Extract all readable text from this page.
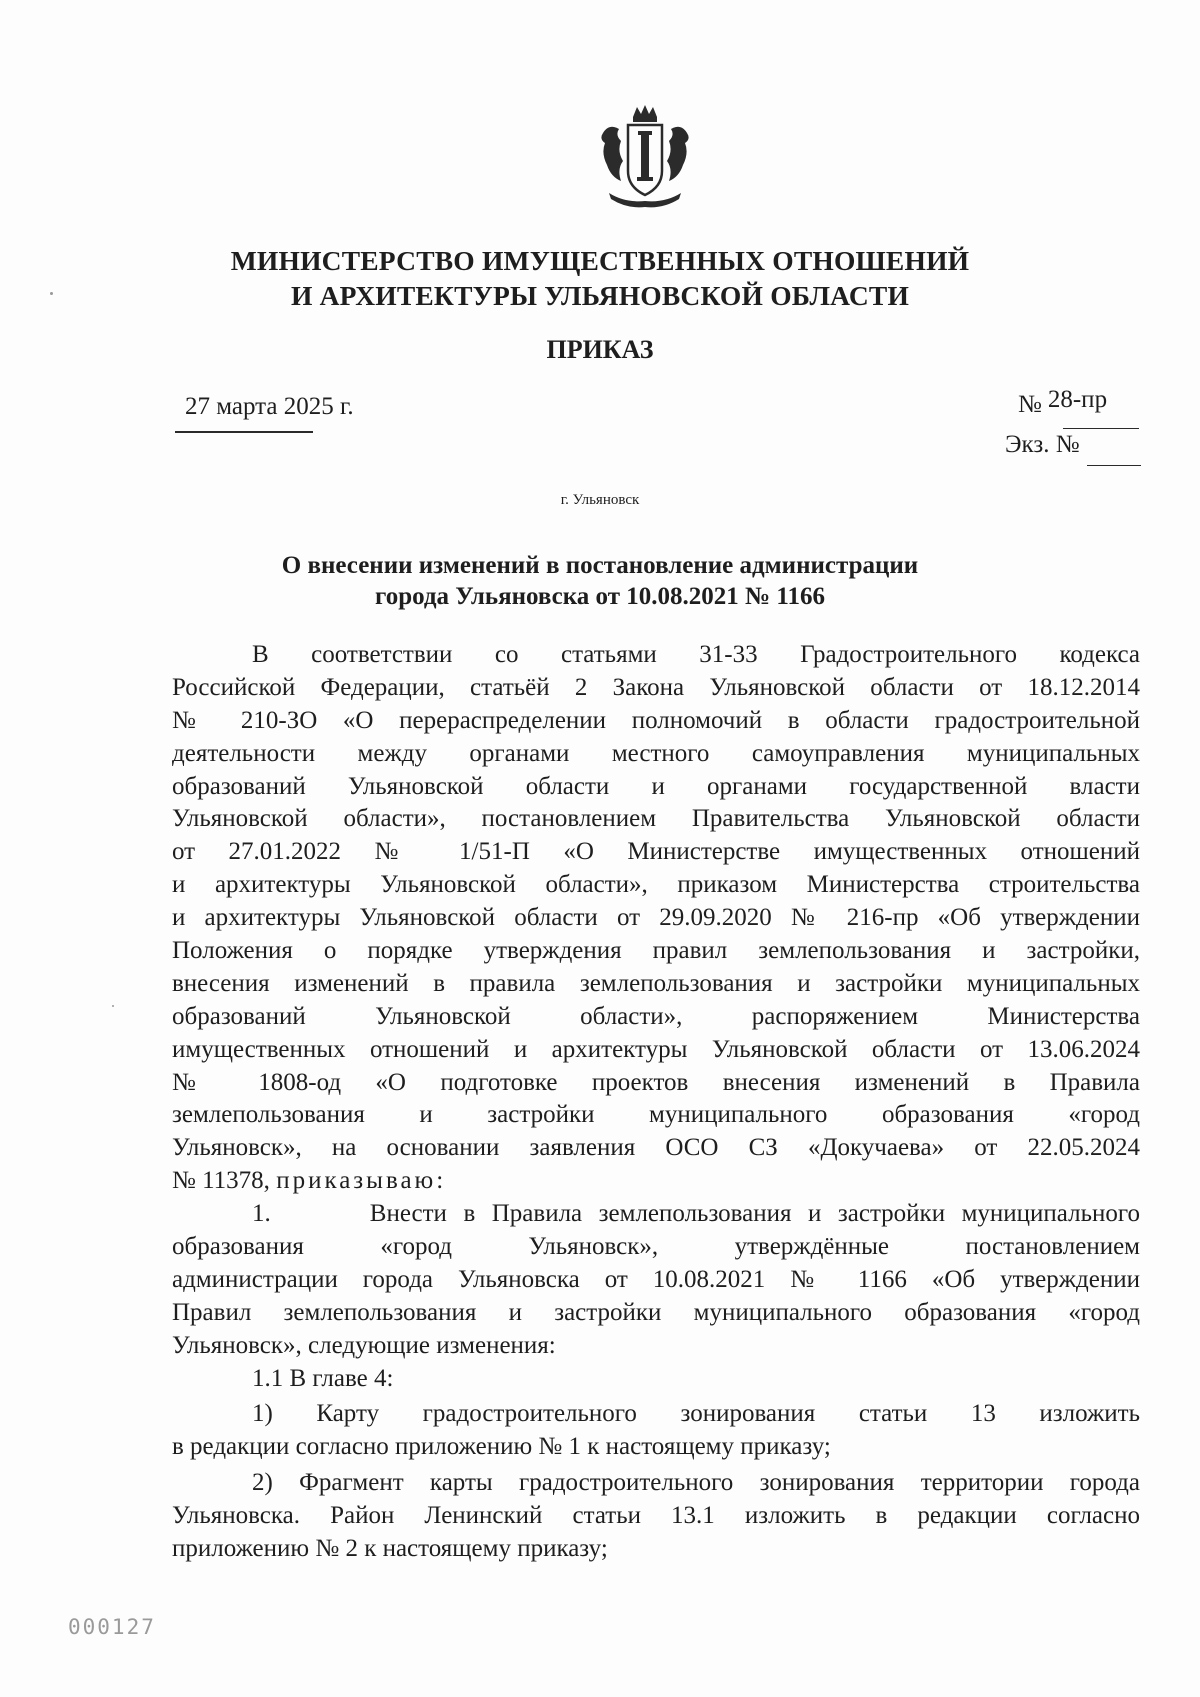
МИНИСТЕРСТВО ИМУЩЕСТВЕННЫХ ОТНОШЕНИЙ
И АРХИТЕКТУРЫ УЛЬЯНОВСКОЙ ОБЛАСТИ
ПРИКАЗ
27 марта 2025 г.	№ 28-пр
Экз. №
г. Ульяновск
О внесении изменений в постановление администрации
города Ульяновска от 10.08.2021 № 1166
В соответствии со статьями 31-33 Градостроительного кодекса
Российской Федерации, статьёй 2 Закона Ульяновской области от 18.12.2014
№ 210-ЗО «О перераспределении полномочий в области градостроительной
деятельности между органами местного самоуправления муниципальных
образований Ульяновской области и органами государственной власти
Ульяновской области», постановлением Правительства Ульяновской области
от 27.01.2022 № 1/51-П «О Министерстве имущественных отношений
и архитектуры Ульяновской области», приказом Министерства строительства
и архитектуры Ульяновской области от 29.09.2020 № 216-пр «Об утверждении
Положения о порядке утверждения правил землепользования и застройки,
внесения изменений в правила землепользования и застройки муниципальных
образований Ульяновской области», распоряжением Министерства
имущественных отношений и архитектуры Ульяновской области от 13.06.2024
№ 1808-од «О подготовке проектов внесения изменений в Правила
землепользования и застройки муниципального образования «город
Ульяновск», на основании заявления ОСО СЗ «Докучаева» от 22.05.2024
№ 11378, приказываю:
1.	Внести в Правила землепользования и застройки муниципального
образования «город Ульяновск», утверждённые постановлением
администрации города Ульяновска от 10.08.2021 № 1166 «Об утверждении
Правил землепользования и застройки муниципального образования «город
Ульяновск», следующие изменения:
1.1 В главе 4:
1) Карту градостроительного зонирования статьи 13 изложить
в редакции согласно приложению № 1 к настоящему приказу;
2) Фрагмент карты градостроительного зонирования территории города
Ульяновска. Район Ленинский статьи 13.1 изложить в редакции согласно
приложению № 2 к настоящему приказу;
000127
